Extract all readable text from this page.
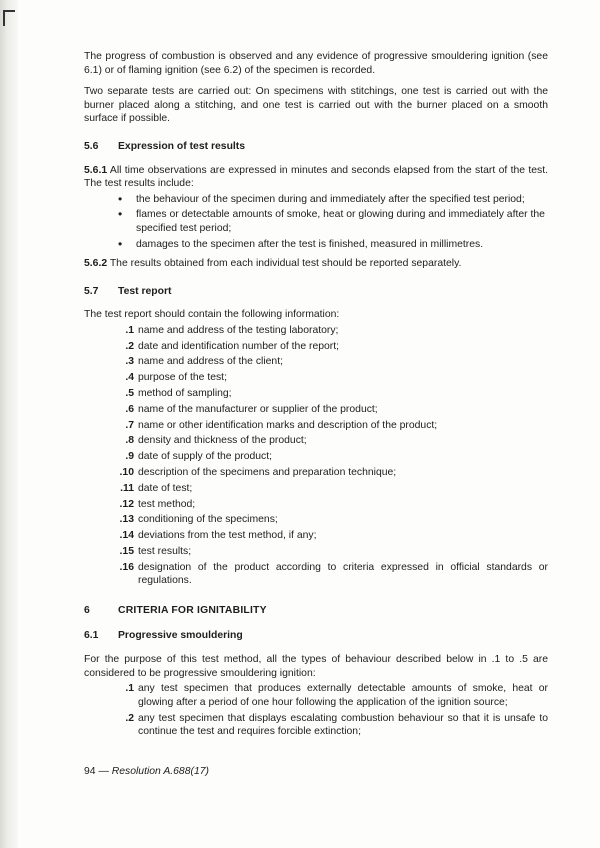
The progress of combustion is observed and any evidence of progressive smouldering ignition (see 6.1) or of flaming ignition (see 6.2) of the specimen is recorded.

Two separate tests are carried out: On specimens with stitchings, one test is carried out with the burner placed along a stitching, and one test is carried out with the burner placed on a smooth surface if possible.

5.6 Expression of test results

5.6.1 All time observations are expressed in minutes and seconds elapsed from the start of the test. The test results include:

• the behaviour of the specimen during and immediately after the specified test period;
• flames or detectable amounts of smoke, heat or glowing during and immediately after the specified test period;
• damages to the specimen after the test is finished, measured in millimetres.

5.6.2 The results obtained from each individual test should be reported separately.

5.7 Test report

The test report should contain the following information:

.1 name and address of the testing laboratory;
.2 date and identification number of the report;
.3 name and address of the client;
.4 purpose of the test;
.5 method of sampling;
.6 name of the manufacturer or supplier of the product;
.7 name or other identification marks and description of the product;
.8 density and thickness of the product;
.9 date of supply of the product;
.10 description of the specimens and preparation technique;
.11 date of test;
.12 test method;
.13 conditioning of the specimens;
.14 deviations from the test method, if any;
.15 test results;
.16 designation of the product according to criteria expressed in official standards or regulations.
6	CRITERIA FOR IGNITABILITY
6.1 Progressive smouldering

For the purpose of this test method, all the types of behaviour described below in .1 to .5 are considered to be progressive smouldering ignition:

.1 any test specimen that produces externally detectable amounts of smoke, heat or glowing after a period of one hour following the application of the ignition source;
.2 any test specimen that displays escalating combustion behaviour so that it is unsafe to continue the test and requires forcible extinction;
94 — Resolution A.688(17)
